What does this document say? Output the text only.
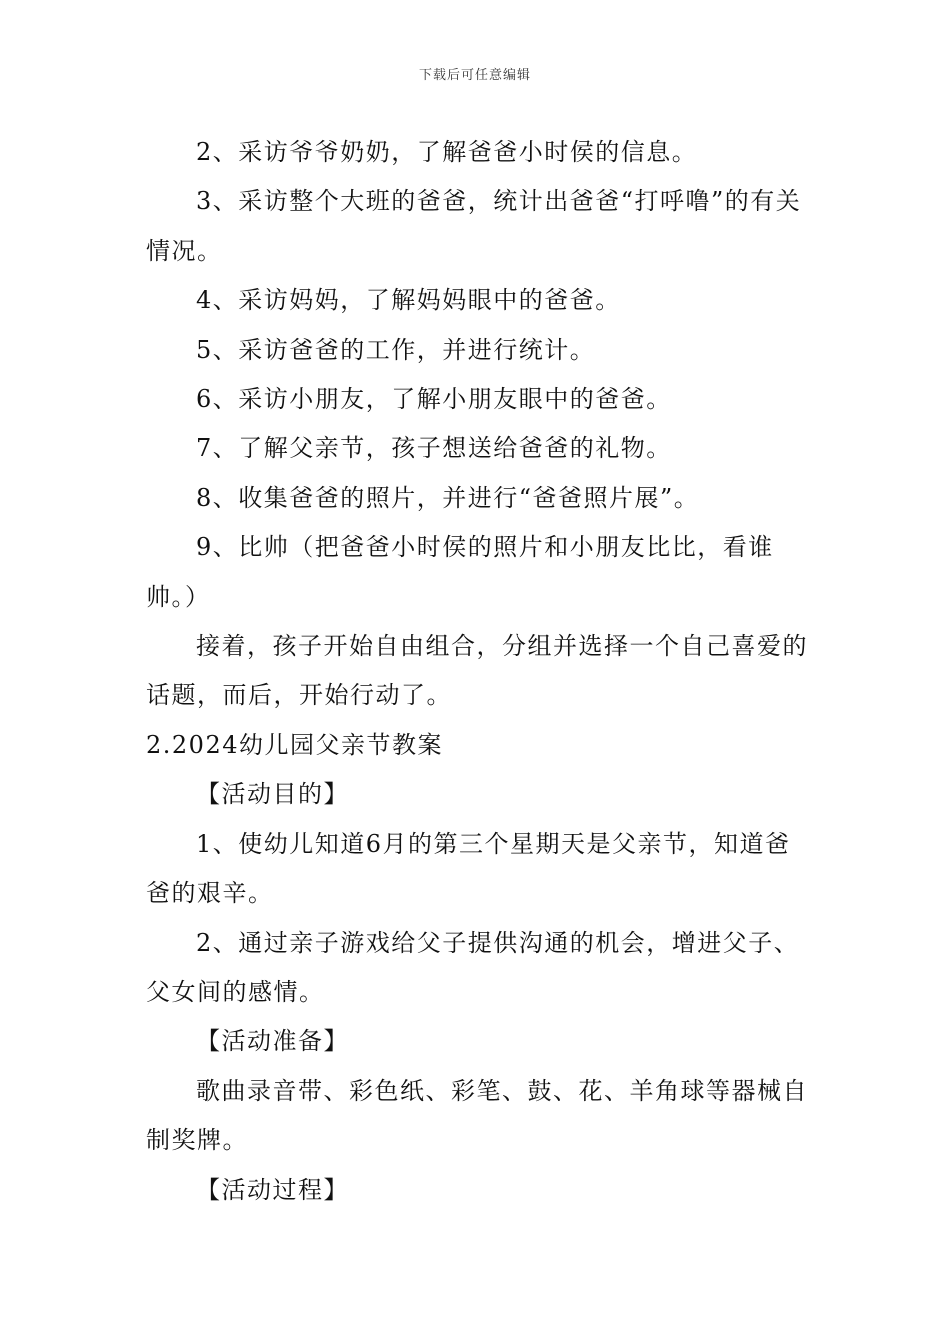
下载后可任意编辑

2、采访爷爷奶奶，了解爸爸小时侯的信息。

3、采访整个大班的爸爸，统计出爸爸“打呼噜”的有关情况。

4、采访妈妈，了解妈妈眼中的爸爸。

5、采访爸爸的工作，并进行统计。

6、采访小朋友，了解小朋友眼中的爸爸。

7、了解父亲节，孩子想送给爸爸的礼物。

8、收集爸爸的照片，并进行“爸爸照片展”。

9、比帅（把爸爸小时侯的照片和小朋友比比，看谁帅。）

接着，孩子开始自由组合，分组并选择一个自己喜爱的话题，而后，开始行动了。

2.2024幼儿园父亲节教案

【活动目的】

1、使幼儿知道6月的第三个星期天是父亲节，知道爸爸的艰辛。

2、通过亲子游戏给父子提供沟通的机会，增进父子、父女间的感情。

【活动准备】

歌曲录音带、彩色纸、彩笔、鼓、花、羊角球等器械自制奖牌。

【活动过程】
